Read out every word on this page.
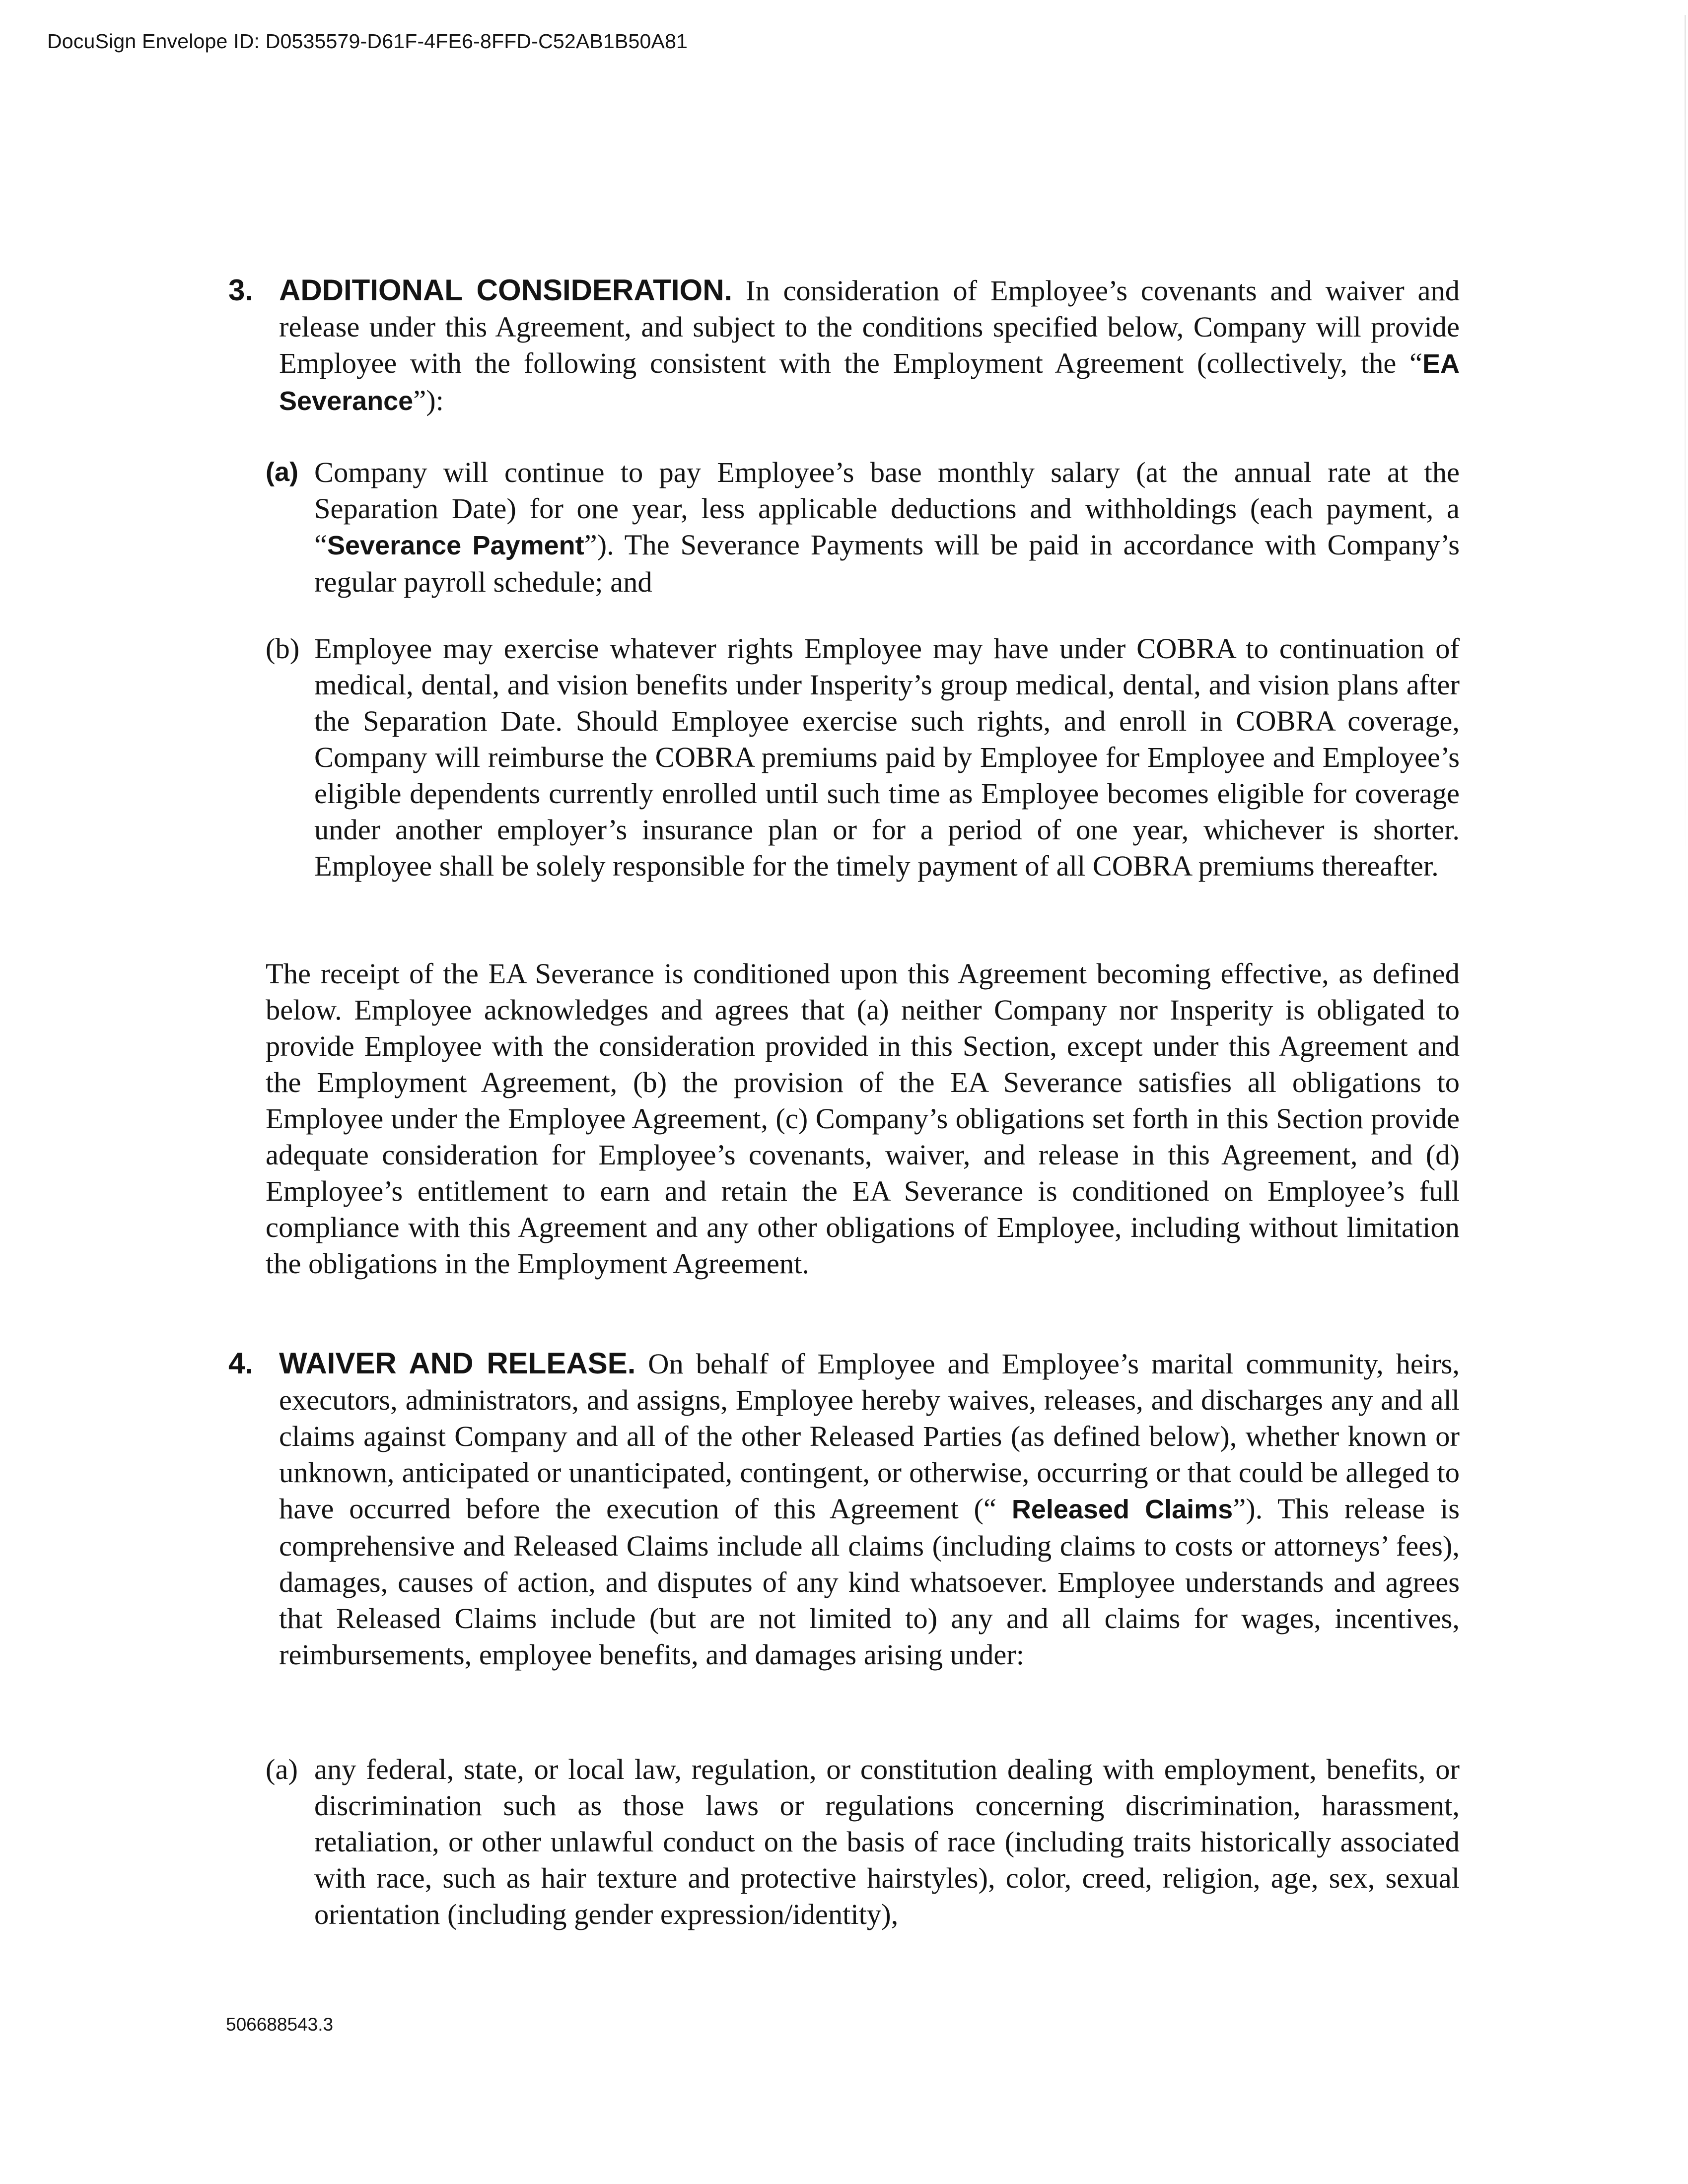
DocuSign Envelope ID: D0535579-D61F-4FE6-8FFD-C52AB1B50A81
3. ADDITIONAL CONSIDERATION. In consideration of Employee’s covenants and waiver and release under this Agreement, and subject to the conditions specified below, Company will provide Employee with the following consistent with the Employment Agreement (collectively, the “EA Severance”):
(a) Company will continue to pay Employee’s base monthly salary (at the annual rate at the Separation Date) for one year, less applicable deductions and withholdings (each payment, a “Severance Payment”). The Severance Payments will be paid in accordance with Company’s regular payroll schedule; and
(b) Employee may exercise whatever rights Employee may have under COBRA to continuation of medical, dental, and vision benefits under Insperity’s group medical, dental, and vision plans after the Separation Date. Should Employee exercise such rights, and enroll in COBRA coverage, Company will reimburse the COBRA premiums paid by Employee for Employee and Employee’s eligible dependents currently enrolled until such time as Employee becomes eligible for coverage under another employer’s insurance plan or for a period of one year, whichever is shorter. Employee shall be solely responsible for the timely payment of all COBRA premiums thereafter.
The receipt of the EA Severance is conditioned upon this Agreement becoming effective, as defined below. Employee acknowledges and agrees that (a) neither Company nor Insperity is obligated to provide Employee with the consideration provided in this Section, except under this Agreement and the Employment Agreement, (b) the provision of the EA Severance satisfies all obligations to Employee under the Employee Agreement, (c) Company’s obligations set forth in this Section provide adequate consideration for Employee’s covenants, waiver, and release in this Agreement, and (d) Employee’s entitlement to earn and retain the EA Severance is conditioned on Employee’s full compliance with this Agreement and any other obligations of Employee, including without limitation the obligations in the Employment Agreement.
4. WAIVER AND RELEASE. On behalf of Employee and Employee’s marital community, heirs, executors, administrators, and assigns, Employee hereby waives, releases, and discharges any and all claims against Company and all of the other Released Parties (as defined below), whether known or unknown, anticipated or unanticipated, contingent, or otherwise, occurring or that could be alleged to have occurred before the execution of this Agreement (“ Released Claims”). This release is comprehensive and Released Claims include all claims (including claims to costs or attorneys’ fees), damages, causes of action, and disputes of any kind whatsoever. Employee understands and agrees that Released Claims include (but are not limited to) any and all claims for wages, incentives, reimbursements, employee benefits, and damages arising under:
(a) any federal, state, or local law, regulation, or constitution dealing with employment, benefits, or discrimination such as those laws or regulations concerning discrimination, harassment, retaliation, or other unlawful conduct on the basis of race (including traits historically associated with race, such as hair texture and protective hairstyles), color, creed, religion, age, sex, sexual orientation (including gender expression/identity),
506688543.3
